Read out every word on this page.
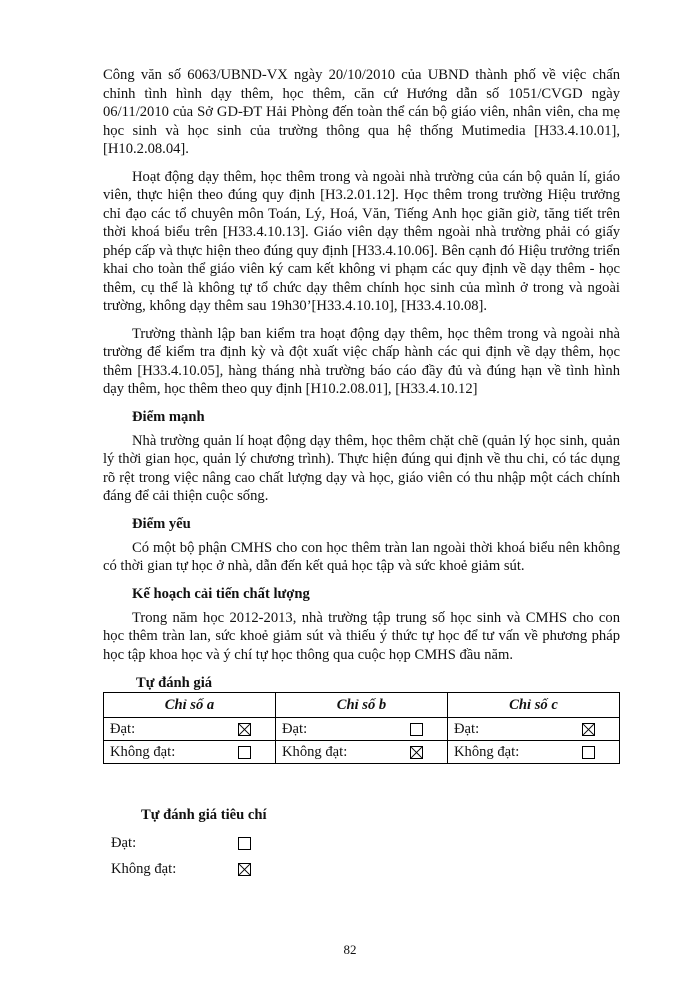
Công văn số 6063/UBND-VX ngày 20/10/2010 của UBND thành phố về việc chấn chỉnh tình hình dạy thêm, học thêm, căn cứ Hướng dẫn số 1051/CVGD ngày 06/11/2010 của Sở GD-ĐT Hải Phòng đến toàn thể cán bộ giáo viên, nhân viên, cha mẹ học sinh và học sinh của trường thông qua hệ thống Mutimedia [H33.4.10.01], [H10.2.08.04].

Hoạt động dạy thêm, học thêm trong và ngoài nhà trường của cán bộ quản lí, giáo viên, thực hiện theo đúng quy định [H3.2.01.12]. Học thêm trong trường Hiệu trưởng chỉ đạo các tổ chuyên môn Toán, Lý, Hoá, Văn, Tiếng Anh học giãn giờ, tăng tiết trên thời khoá biểu trên [H33.4.10.13]. Giáo viên dạy thêm ngoài nhà trường phải có giấy phép cấp và thực hiện theo đúng quy định [H33.4.10.06]. Bên cạnh đó Hiệu trưởng triển khai cho toàn thể giáo viên ký cam kết không vi phạm các quy định về dạy thêm - học thêm, cụ thể là không tự tổ chức dạy thêm chính học sinh của mình ở trong và ngoài trường, không dạy thêm sau 19h30’[H33.4.10.10], [H33.4.10.08].

Trường thành lập ban kiểm tra hoạt động dạy thêm, học thêm trong và ngoài nhà trường để kiểm tra định kỳ và đột xuất việc chấp hành các qui định về dạy thêm, học thêm [H33.4.10.05], hàng tháng nhà trường báo cáo đầy đủ và đúng hạn về tình hình dạy thêm, học thêm theo quy định [H10.2.08.01], [H33.4.10.12]

Điểm mạnh

Nhà trường quản lí hoạt động dạy thêm, học thêm chặt chẽ (quản lý học sinh, quản lý thời gian học, quản lý chương trình). Thực hiện đúng qui định về thu chi, có tác dụng rõ rệt trong việc nâng cao chất lượng dạy và học, giáo viên có thu nhập một cách chính đáng để cải thiện cuộc sống.

Điểm yếu

Có một bộ phận CMHS cho con học thêm tràn lan ngoài thời khoá biểu nên không có thời gian tự học ở nhà, dẫn đến kết quả học tập và sức khoẻ giảm sút.

Kế hoạch cải tiến chất lượng

Trong năm học 2012-2013, nhà trường tập trung số học sinh và CMHS cho con học thêm tràn lan, sức khoẻ giảm sút và thiếu ý thức tự học để tư vấn về phương pháp học tập khoa học và ý chí tự học thông qua cuộc họp CMHS đầu năm.

Tự đánh giá
Chỉ số a	Chỉ số b	Chỉ số c

Đạt:	Đạt:	Đạt:

Không đạt:	Không đạt:	Không đạt:
Tự đánh giá tiêu chí
Đạt:
Không đạt:
82
